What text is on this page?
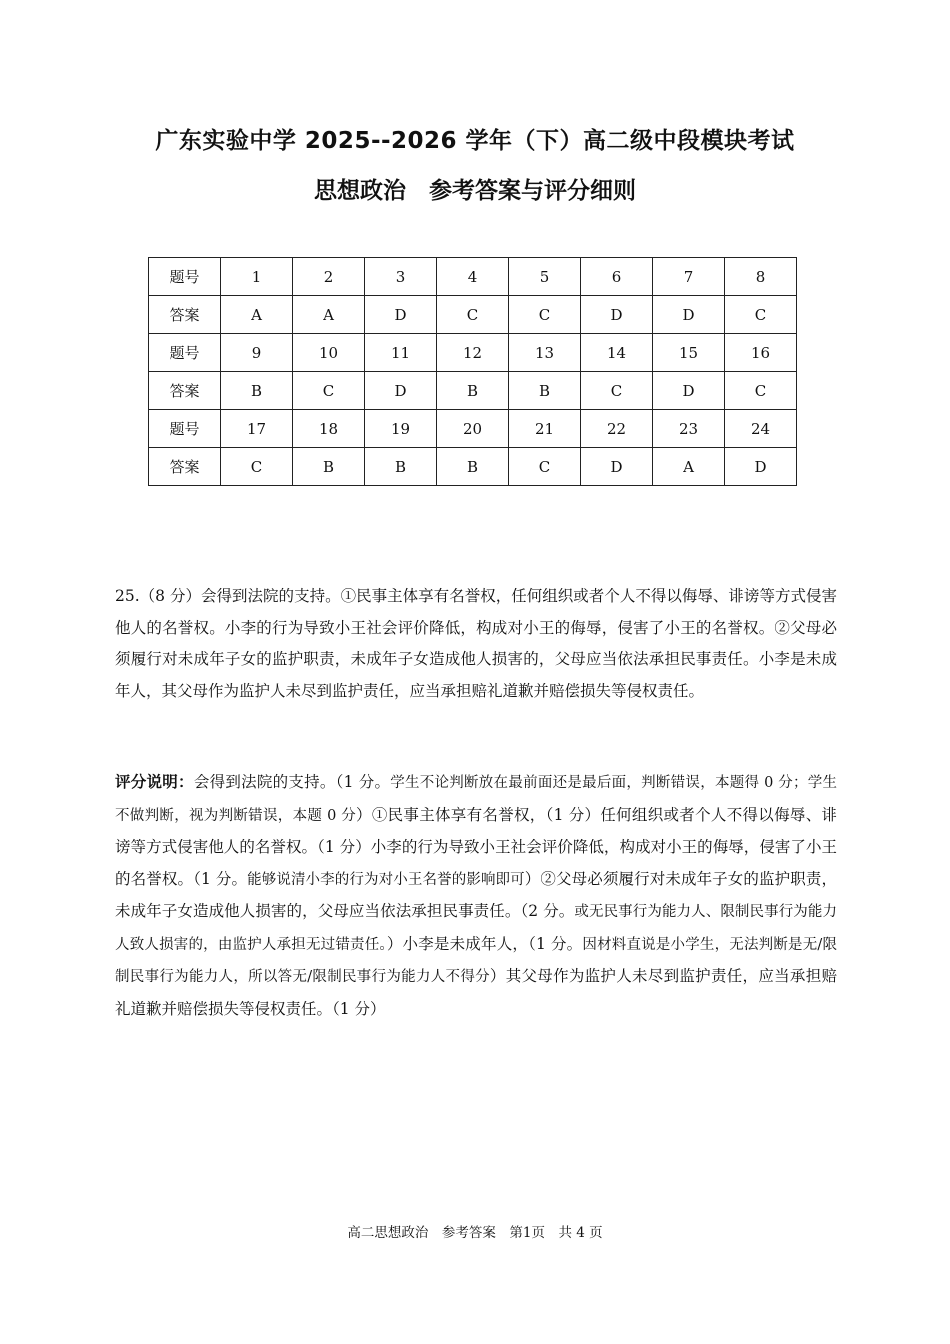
广东实验中学 2025--2026 学年（下）高二级中段模块考试
思想政治　参考答案与评分细则
题号	1	2	3	4	5	6	7	8
答案	A	A	D	C	C	D	D	C
题号	9	10	11	12	13	14	15	16
答案	B	C	D	B	B	C	D	C
题号	17	18	19	20	21	22	23	24
答案	C	B	B	B	C	D	A	D
25.（8 分）会得到法院的支持。①民事主体享有名誉权，任何组织或者个人不得以侮辱、诽谤等方式侵害他人的名誉权。小李的行为导致小王社会评价降低，构成对小王的侮辱，侵害了小王的名誉权。②父母必须履行对未成年子女的监护职责，未成年子女造成他人损害的，父母应当依法承担民事责任。小李是未成年人，其父母作为监护人未尽到监护责任，应当承担赔礼道歉并赔偿损失等侵权责任。
评分说明：会得到法院的支持。（1 分。学生不论判断放在最前面还是最后面，判断错误，本题得 0 分；学生不做判断，视为判断错误，本题 0 分）①民事主体享有名誉权，（1 分）任何组织或者个人不得以侮辱、诽谤等方式侵害他人的名誉权。（1 分）小李的行为导致小王社会评价降低，构成对小王的侮辱，侵害了小王的名誉权。（1 分。能够说清小李的行为对小王名誉的影响即可）②父母必须履行对未成年子女的监护职责，未成年子女造成他人损害的，父母应当依法承担民事责任。（2 分。或无民事行为能力人、限制民事行为能力人致人损害的，由监护人承担无过错责任。）小李是未成年人，（1 分。因材料直说是小学生，无法判断是无/限制民事行为能力人，所以答无/限制民事行为能力人不得分）其父母作为监护人未尽到监护责任，应当承担赔礼道歉并赔偿损失等侵权责任。（1 分）
高二思想政治　参考答案　第1页　共 4 页
